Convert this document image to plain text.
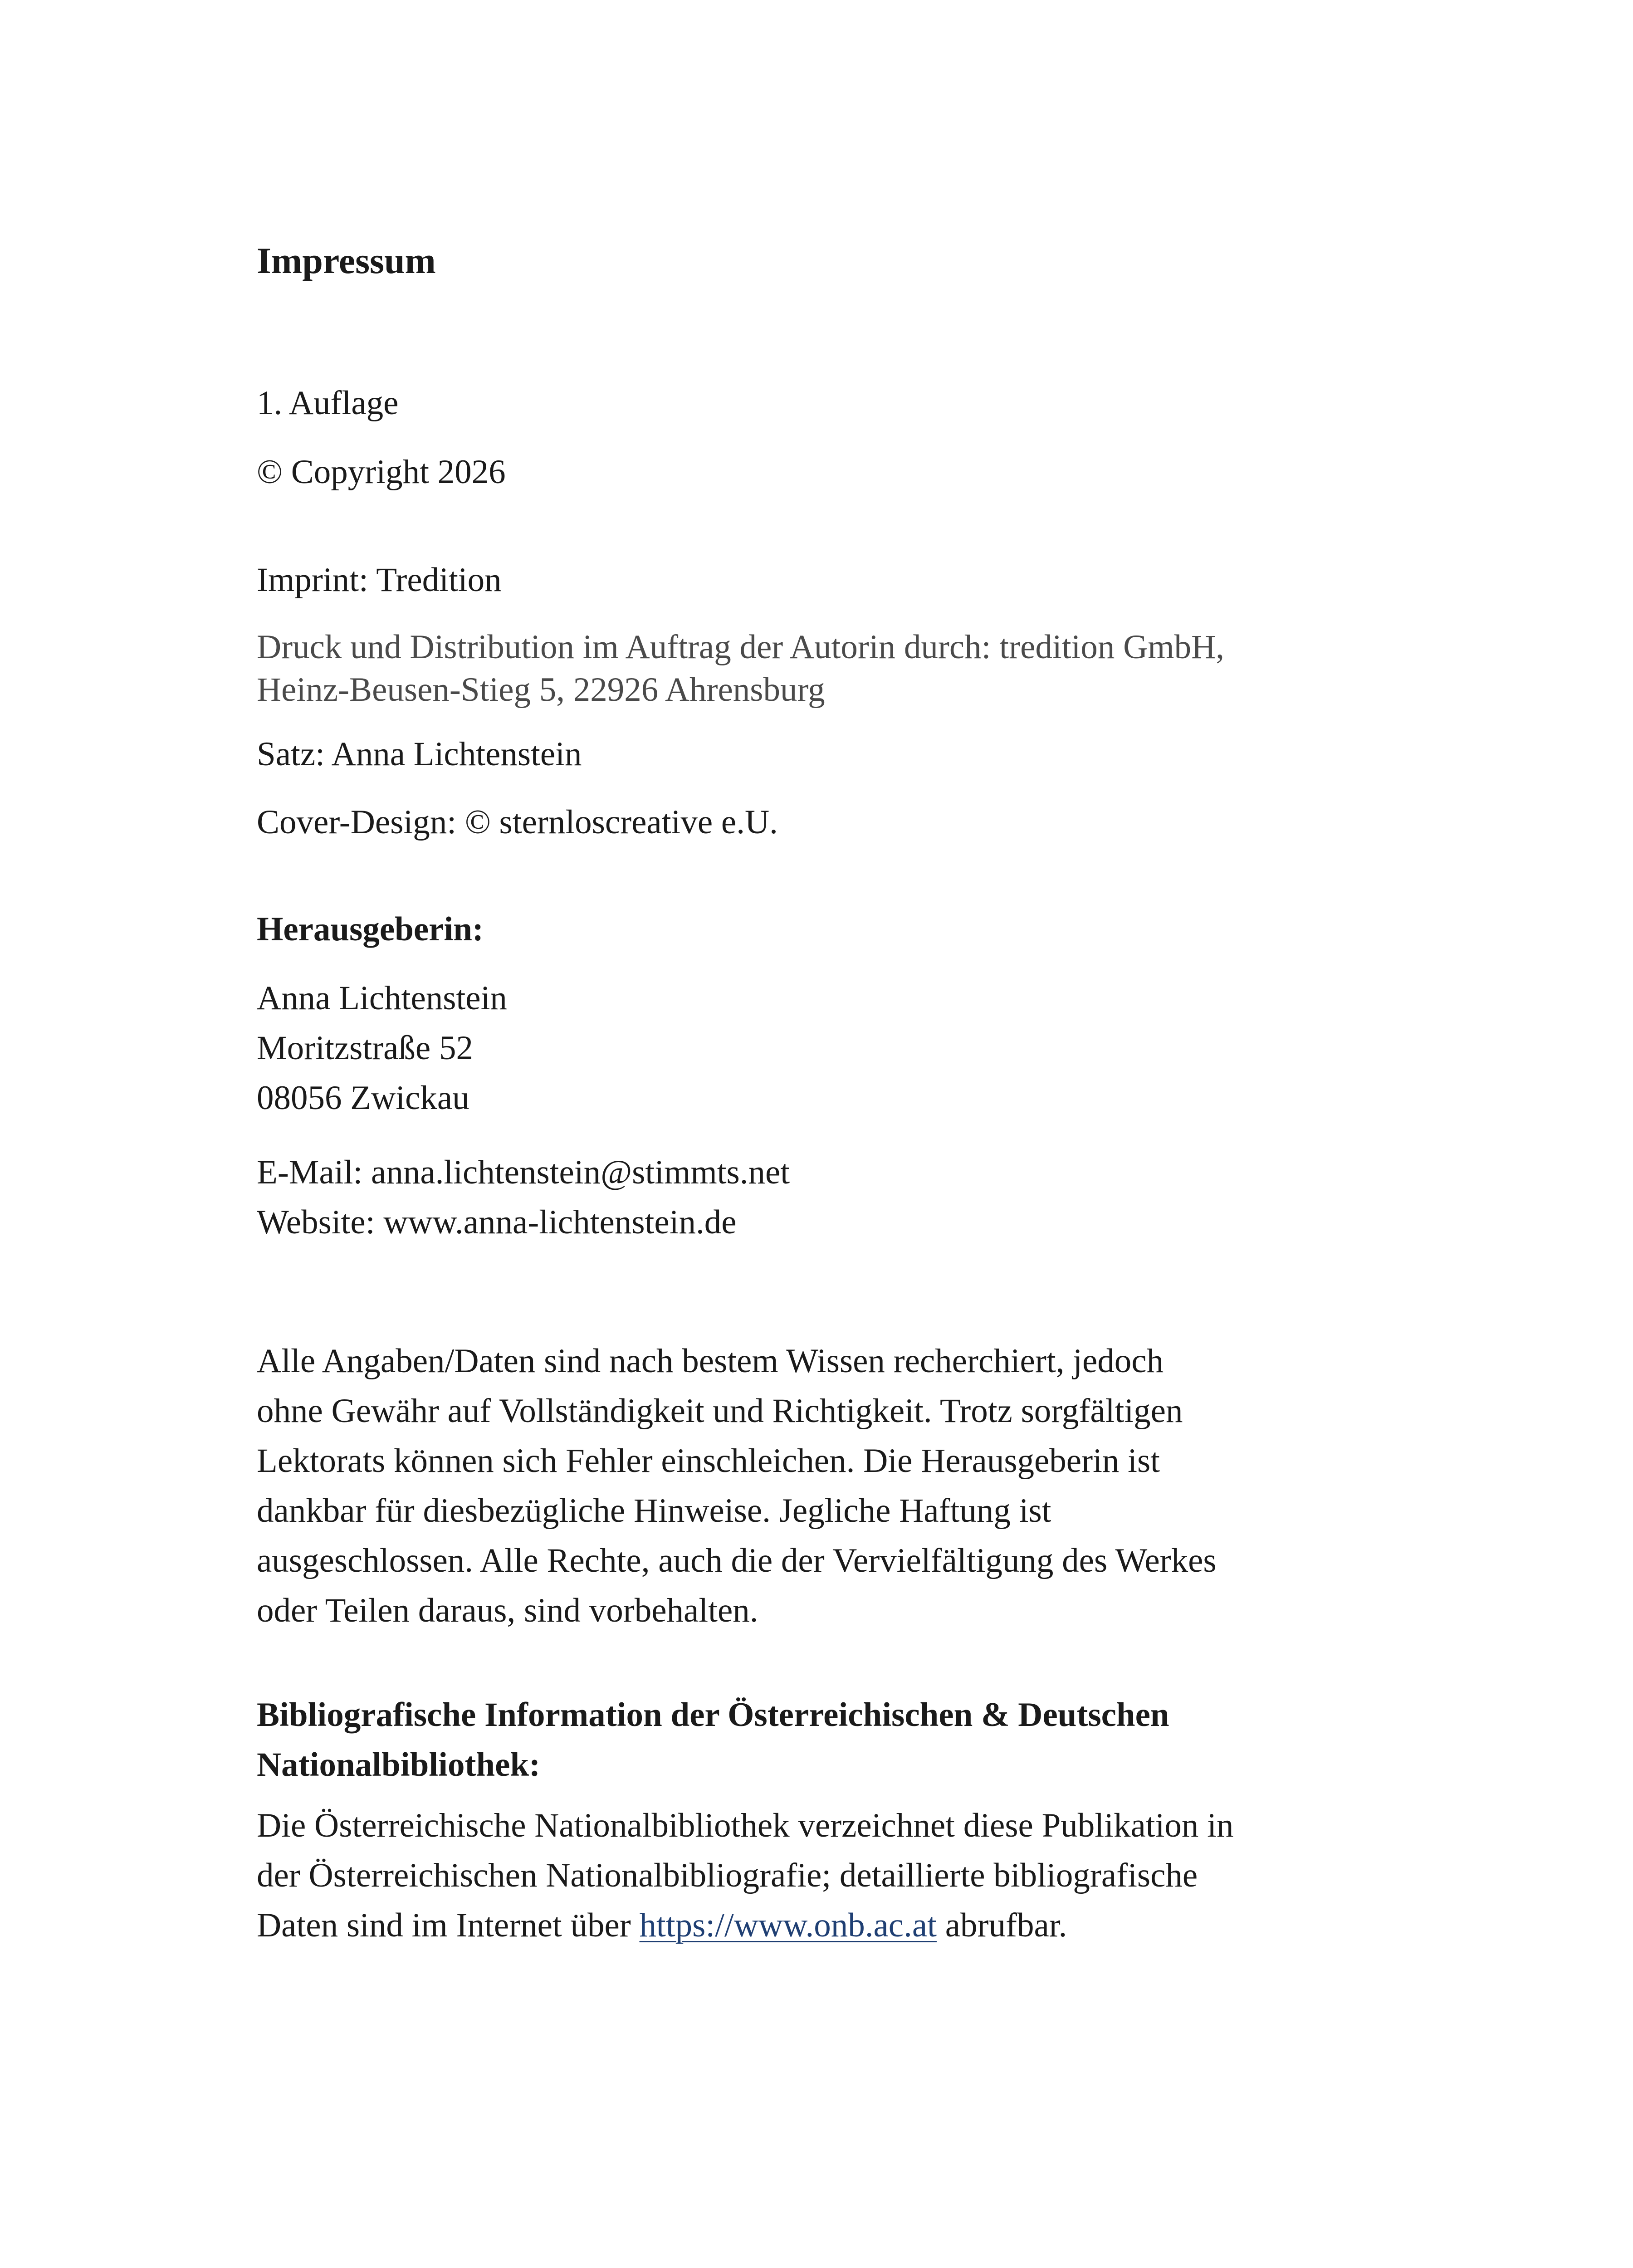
Impressum

1. Auflage

© Copyright 2026

Imprint: Tredition

Druck und Distribution im Auftrag der Autorin durch: tredition GmbH,
Heinz-Beusen-Stieg 5, 22926 Ahrensburg

Satz: Anna Lichtenstein

Cover-Design: © sternloscreative e.U.

Herausgeberin:

Anna Lichtenstein
Moritzstraße 52
08056 Zwickau

E-Mail: anna.lichtenstein@stimmts.net
Website: www.anna-lichtenstein.de

Alle Angaben/Daten sind nach bestem Wissen recherchiert, jedoch
ohne Gewähr auf Vollständigkeit und Richtigkeit. Trotz sorgfältigen
Lektorats können sich Fehler einschleichen. Die Herausgeberin ist
dankbar für diesbezügliche Hinweise. Jegliche Haftung ist
ausgeschlossen. Alle Rechte, auch die der Vervielfältigung des Werkes
oder Teilen daraus, sind vorbehalten.

Bibliografische Information der Österreichischen & Deutschen
Nationalbibliothek:

Die Österreichische Nationalbibliothek verzeichnet diese Publikation in
der Österreichischen Nationalbibliografie; detaillierte bibliografische
Daten sind im Internet über https://www.onb.ac.at abrufbar.
